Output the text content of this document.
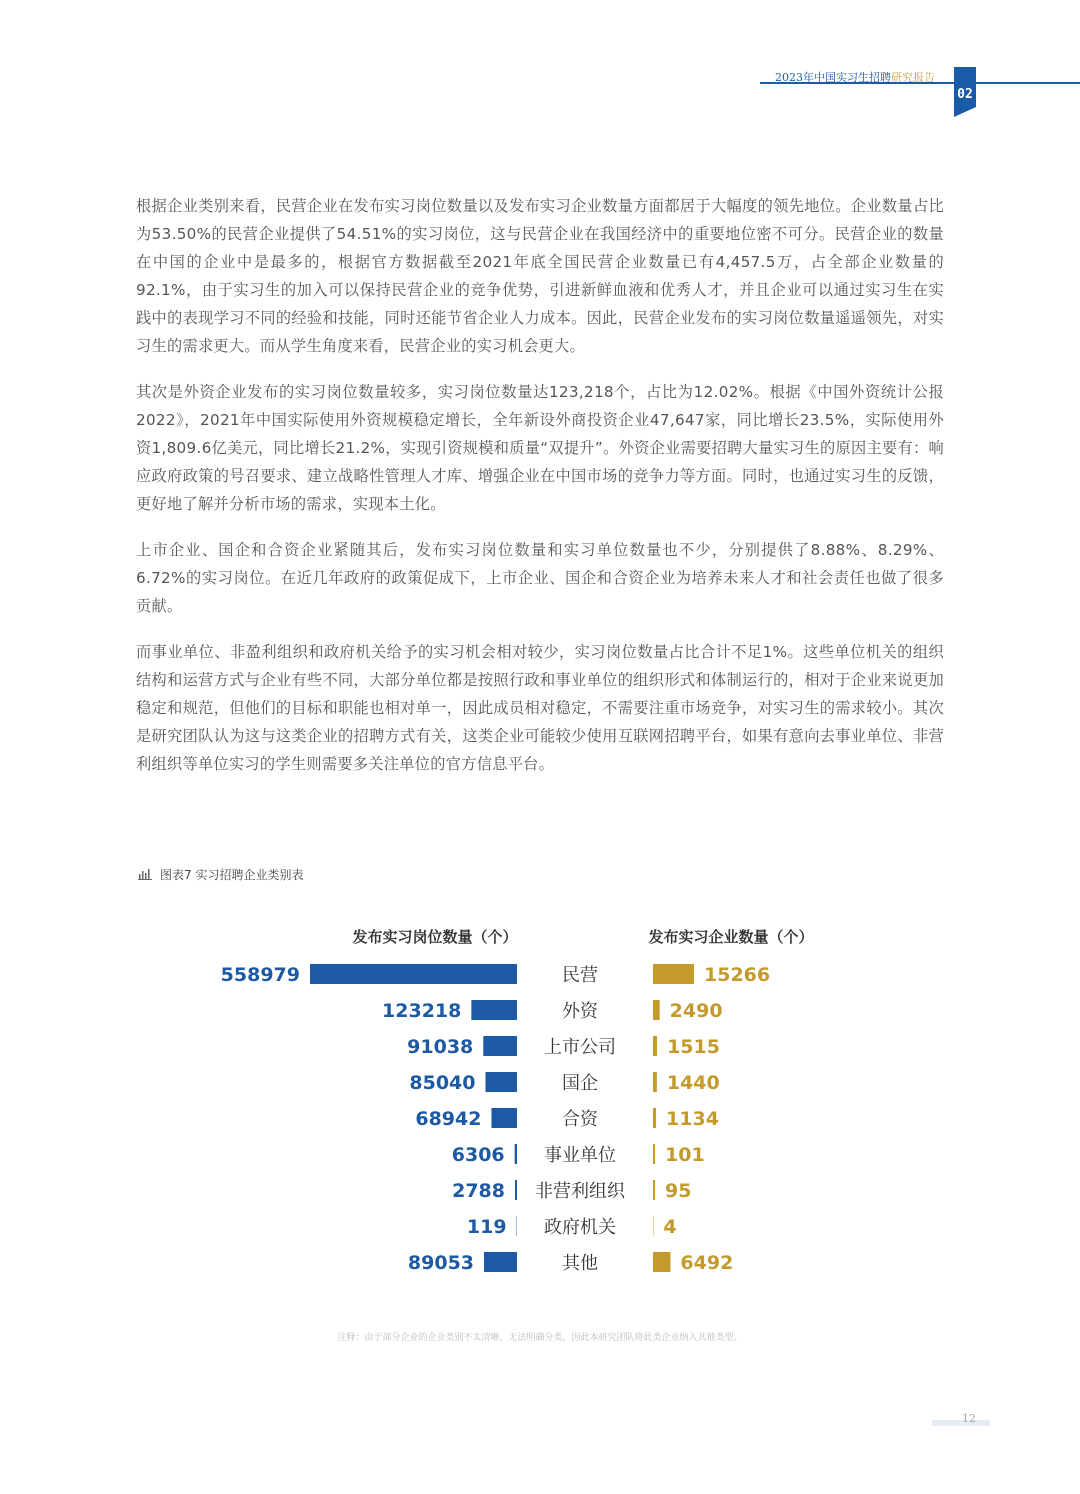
2023年中国实习生招聘研究报告
02

根据企业类别来看，民营企业在发布实习岗位数量以及发布实习企业数量方面都居于大幅度的领先地位。企业数量占比为53.50%的民营企业提供了54.51%的实习岗位，这与民营企业在我国经济中的重要地位密不可分。民营企业的数量在中国的企业中是最多的，根据官方数据截至2021年底全国民营企业数量已有4,457.5万，占全部企业数量的92.1%，由于实习生的加入可以保持民营企业的竞争优势，引进新鲜血液和优秀人才，并且企业可以通过实习生在实践中的表现学习不同的经验和技能，同时还能节省企业人力成本。因此，民营企业发布的实习岗位数量遥遥领先，对实习生的需求更大。而从学生角度来看，民营企业的实习机会更大。

其次是外资企业发布的实习岗位数量较多，实习岗位数量达123,218个，占比为12.02%。根据《中国外资统计公报2022》，2021年中国实际使用外资规模稳定增长，全年新设外商投资企业47,647家，同比增长23.5%，实际使用外资1,809.6亿美元，同比增长21.2%，实现引资规模和质量“双提升”。外资企业需要招聘大量实习生的原因主要有：响应政府政策的号召要求、建立战略性管理人才库、增强企业在中国市场的竞争力等方面。同时，也通过实习生的反馈，更好地了解并分析市场的需求，实现本土化。

上市企业、国企和合资企业紧随其后，发布实习岗位数量和实习单位数量也不少，分别提供了8.88%、8.29%、6.72%的实习岗位。在近几年政府的政策促成下，上市企业、国企和合资企业为培养未来人才和社会责任也做了很多贡献。

而事业单位、非盈利组织和政府机关给予的实习机会相对较少，实习岗位数量占比合计不足1%。这些单位机关的组织结构和运营方式与企业有些不同，大部分单位都是按照行政和事业单位的组织形式和体制运行的，相对于企业来说更加稳定和规范，但他们的目标和职能也相对单一，因此成员相对稳定，不需要注重市场竞争，对实习生的需求较小。其次是研究团队认为这与这类企业的招聘方式有关，这类企业可能较少使用互联网招聘平台，如果有意向去事业单位、非营利组织等单位实习的学生则需要多关注单位的官方信息平台。

图表7 实习招聘企业类别表
发布实习岗位数量（个）	发布实习企业数量（个）
558979	民营	15266
123218	外资	2490
91038	上市公司	1515
85040	国企	1440
68942	合资	1134
6306 事业单位	101
2788 非营利组织 95
119 政府机关 4
89053	其他	6492
注释：由于部分企业的企业类别不太清晰，无法明确分类，因此本研究团队将此类企业纳入其他类型。
12
